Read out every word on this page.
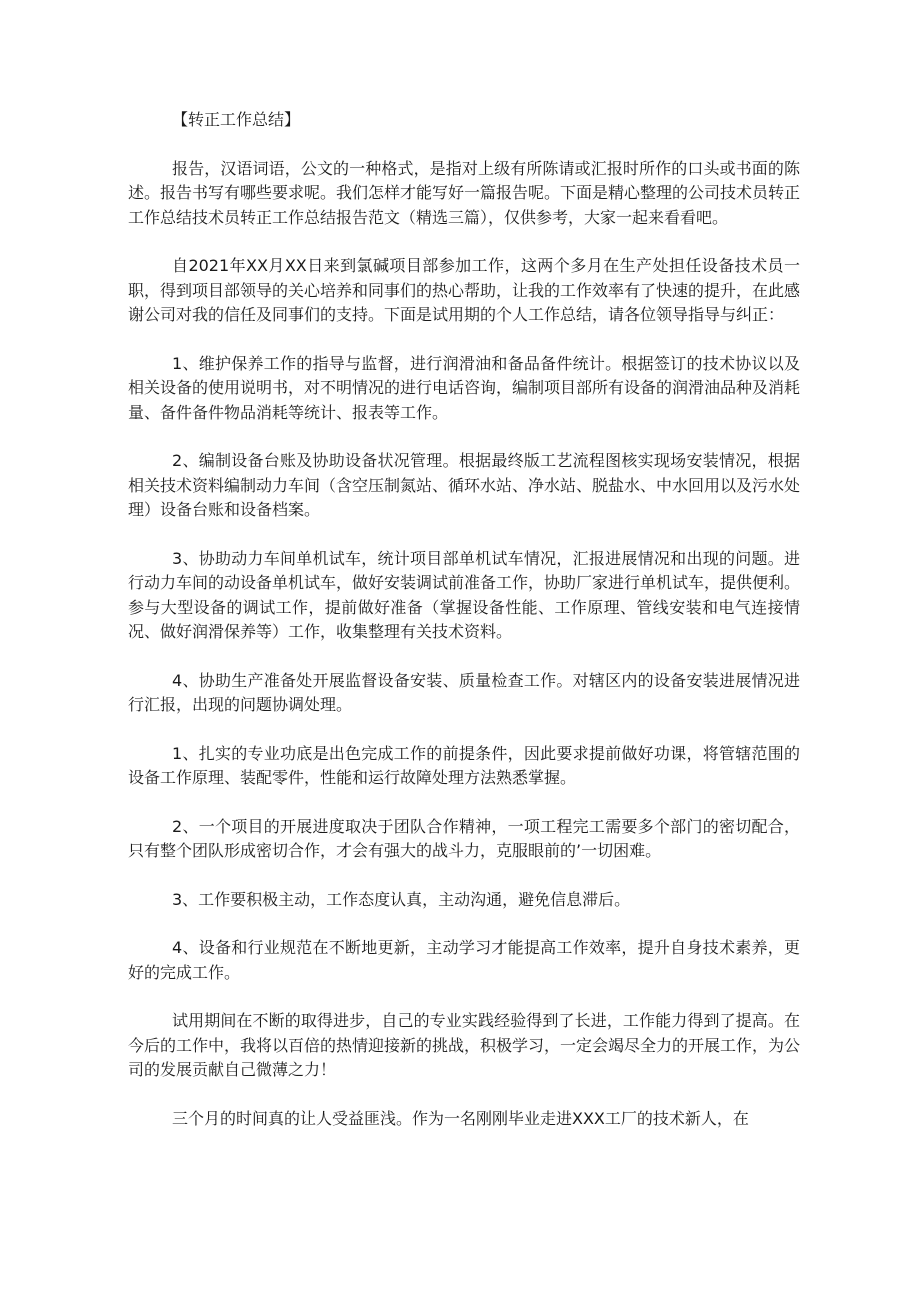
【转正工作总结】

报告，汉语词语，公文的一种格式，是指对上级有所陈请或汇报时所作的口头或书面的陈述。报告书写有哪些要求呢。我们怎样才能写好一篇报告呢。下面是精心整理的公司技术员转正工作总结技术员转正工作总结报告范文（精选三篇），仅供参考，大家一起来看看吧。

自2021年XX月XX日来到氯碱项目部参加工作，这两个多月在生产处担任设备技术员一职，得到项目部领导的关心培养和同事们的热心帮助，让我的工作效率有了快速的提升，在此感谢公司对我的信任及同事们的支持。下面是试用期的个人工作总结，请各位领导指导与纠正：

1、维护保养工作的指导与监督，进行润滑油和备品备件统计。根据签订的技术协议以及相关设备的使用说明书，对不明情况的进行电话咨询，编制项目部所有设备的润滑油品种及消耗量、备件备件物品消耗等统计、报表等工作。

2、编制设备台账及协助设备状况管理。根据最终版工艺流程图核实现场安装情况，根据相关技术资料编制动力车间（含空压制氮站、循环水站、净水站、脱盐水、中水回用以及污水处理）设备台账和设备档案。

3、协助动力车间单机试车，统计项目部单机试车情况，汇报进展情况和出现的问题。进行动力车间的动设备单机试车，做好安装调试前准备工作，协助厂家进行单机试车，提供便利。参与大型设备的调试工作，提前做好准备（掌握设备性能、工作原理、管线安装和电气连接情况、做好润滑保养等）工作，收集整理有关技术资料。

4、协助生产准备处开展监督设备安装、质量检查工作。对辖区内的设备安装进展情况进行汇报，出现的问题协调处理。

1、扎实的专业功底是出色完成工作的前提条件，因此要求提前做好功课，将管辖范围的设备工作原理、装配零件，性能和运行故障处理方法熟悉掌握。

2、一个项目的开展进度取决于团队合作精神，一项工程完工需要多个部门的密切配合，只有整个团队形成密切合作，才会有强大的战斗力，克服眼前的’一切困难。

3、工作要积极主动，工作态度认真，主动沟通，避免信息滞后。

4、设备和行业规范在不断地更新，主动学习才能提高工作效率，提升自身技术素养，更好的完成工作。

试用期间在不断的取得进步，自己的专业实践经验得到了长进，工作能力得到了提高。在今后的工作中，我将以百倍的热情迎接新的挑战，积极学习，一定会竭尽全力的开展工作，为公司的发展贡献自己微薄之力！

三个月的时间真的让人受益匪浅。作为一名刚刚毕业走进XXX工厂的技术新人，在
